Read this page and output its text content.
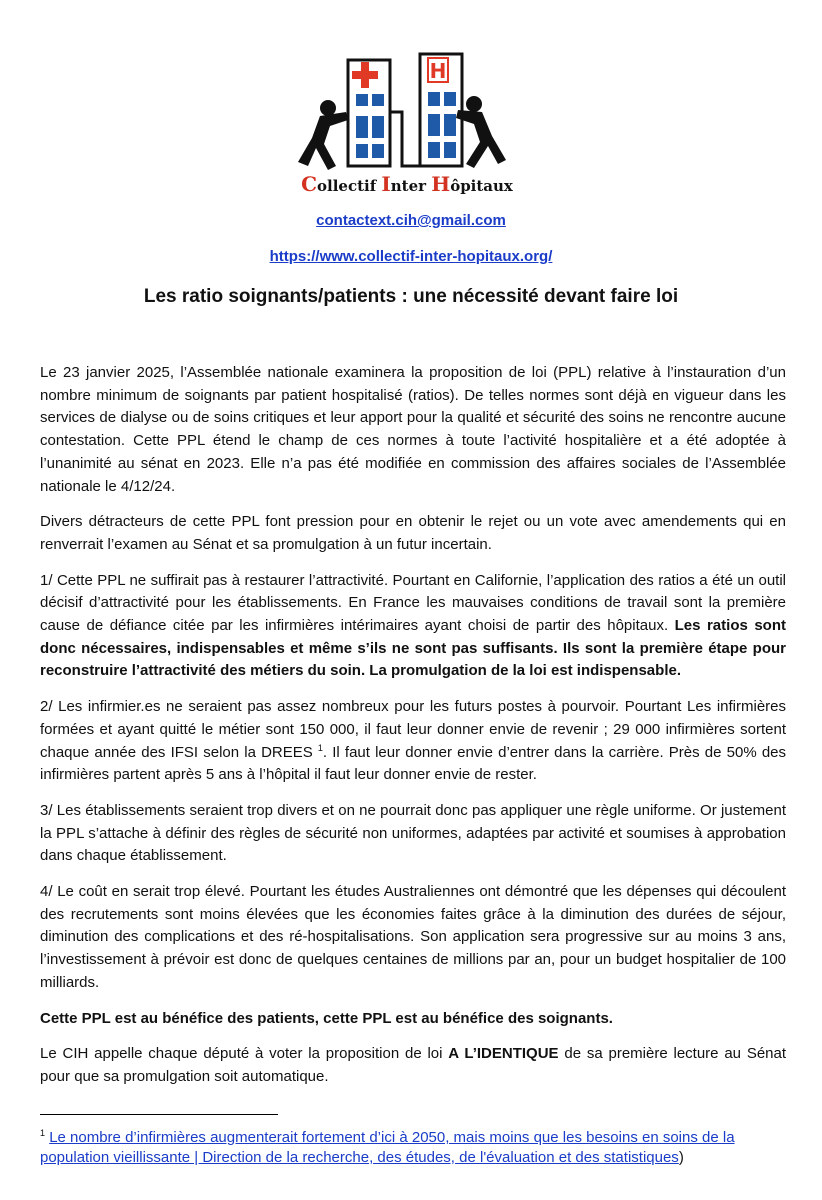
H
Collectif Inter Hôpitaux
contactext.cih@gmail.com
https://www.collectif-inter-hopitaux.org/
Les ratio soignants/patients : une nécessité devant faire loi

Le 23 janvier 2025, l’Assemblée nationale examinera la proposition de loi (PPL) relative à l’instauration d’un nombre minimum de soignants par patient hospitalisé (ratios). De telles normes sont déjà en vigueur dans les services de dialyse ou de soins critiques et leur apport pour la qualité et sécurité des soins ne rencontre aucune contestation. Cette PPL étend le champ de ces normes à toute l’activité hospitalière et a été adoptée à l’unanimité au sénat en 2023. Elle n’a pas été modifiée en commission des affaires sociales de l’Assemblée nationale le 4/12/24.

Divers détracteurs de cette PPL font pression pour en obtenir le rejet ou un vote avec amendements qui en renverrait l’examen au Sénat et sa promulgation à un futur incertain.

1/ Cette PPL ne suffirait pas à restaurer l’attractivité. Pourtant en Californie, l’application des ratios a été un outil décisif d’attractivité pour les établissements. En France les mauvaises conditions de travail sont la première cause de défiance citée par les infirmières intérimaires ayant choisi de partir des hôpitaux. Les ratios sont donc nécessaires, indispensables et même s’ils ne sont pas suffisants. Ils sont la première étape pour reconstruire l’attractivité des métiers du soin. La promulgation de la loi est indispensable.

2/ Les infirmier.es ne seraient pas assez nombreux pour les futurs postes à pourvoir. Pourtant Les infirmières formées et ayant quitté le métier sont 150 000, il faut leur donner envie de revenir ; 29 000 infirmières sortent chaque année des IFSI selon la DREES $^1$. Il faut leur donner envie d’entrer dans la carrière. Près de 50% des infirmières partent après 5 ans à l’hôpital il faut leur donner envie de rester.

3/ Les établissements seraient trop divers et on ne pourrait donc pas appliquer une règle uniforme. Or justement la PPL s’attache à définir des règles de sécurité non uniformes, adaptées par activité et soumises à approbation dans chaque établissement.

4/ Le coût en serait trop élevé. Pourtant les études Australiennes ont démontré que les dépenses qui découlent des recrutements sont moins élevées que les économies faites grâce à la diminution des durées de séjour, diminution des complications et des ré-hospitalisations. Son application sera progressive sur au moins 3 ans, l’investissement à prévoir est donc de quelques centaines de millions par an, pour un budget hospitalier de 100 milliards.

Cette PPL est au bénéfice des patients, cette PPL est au bénéfice des soignants.

Le CIH appelle chaque député à voter la proposition de loi A L’IDENTIQUE de sa première lecture au Sénat pour que sa promulgation soit automatique.

$^1$ Le nombre d’infirmières augmenterait fortement d’ici à 2050, mais moins que les besoins en soins de la population vieillissante | Direction de la recherche, des études, de l'évaluation et des statistiques)
